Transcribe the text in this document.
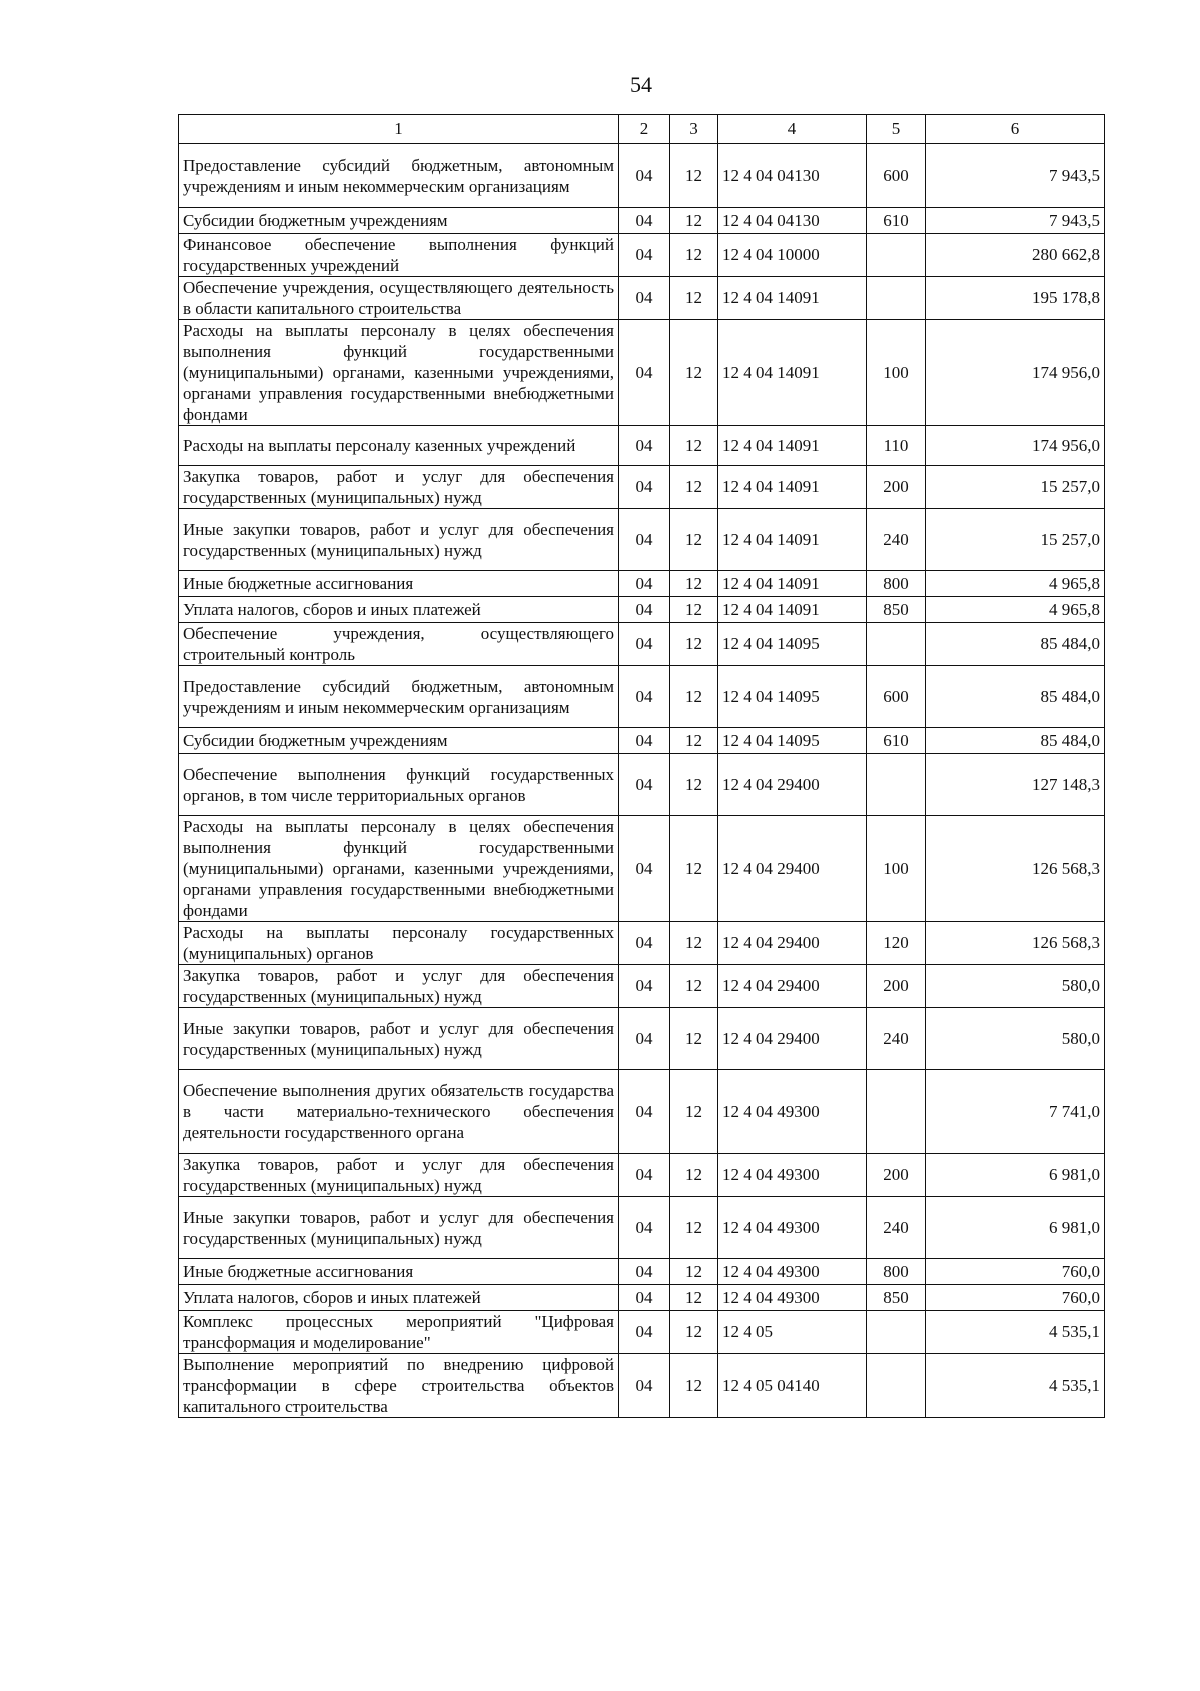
54
1	2	3	4	5	6
Предоставление субсидий бюджетным, автономным учреждениям и иным некоммерческим организациям	04	12	12 4 04 04130	600	7 943,5
Субсидии бюджетным учреждениям	04	12	12 4 04 04130	610	7 943,5
Финансовое обеспечение выполнения функций государственных учреждений	04	12	12 4 04 10000		280 662,8
Обеспечение учреждения, осуществляющего деятельность в области капитального строительства	04	12	12 4 04 14091		195 178,8
Расходы на выплаты персоналу в целях обеспечения выполнения функций государственными (муниципальными) органами, казенными учреждениями, органами управления государственными внебюджетными фондами	04	12	12 4 04 14091	100	174 956,0
Расходы на выплаты персоналу казенных учреждений	04	12	12 4 04 14091	110	174 956,0
Закупка товаров, работ и услуг для обеспечения государственных (муниципальных) нужд	04	12	12 4 04 14091	200	15 257,0
Иные закупки товаров, работ и услуг для обеспечения государственных (муниципальных) нужд	04	12	12 4 04 14091	240	15 257,0
Иные бюджетные ассигнования	04	12	12 4 04 14091	800	4 965,8
Уплата налогов, сборов и иных платежей	04	12	12 4 04 14091	850	4 965,8
Обеспечение учреждения, осуществляющего строительный контроль	04	12	12 4 04 14095		85 484,0
Предоставление субсидий бюджетным, автономным учреждениям и иным некоммерческим организациям	04	12	12 4 04 14095	600	85 484,0
Субсидии бюджетным учреждениям	04	12	12 4 04 14095	610	85 484,0
Обеспечение выполнения функций государственных органов, в том числе территориальных органов	04	12	12 4 04 29400		127 148,3
Расходы на выплаты персоналу в целях обеспечения выполнения функций государственными (муниципальными) органами, казенными учреждениями, органами управления государственными внебюджетными фондами	04	12	12 4 04 29400	100	126 568,3
Расходы на выплаты персоналу государственных (муниципальных) органов	04	12	12 4 04 29400	120	126 568,3
Закупка товаров, работ и услуг для обеспечения государственных (муниципальных) нужд	04	12	12 4 04 29400	200	580,0
Иные закупки товаров, работ и услуг для обеспечения государственных (муниципальных) нужд	04	12	12 4 04 29400	240	580,0
Обеспечение выполнения других обязательств государства в части материально-технического обеспечения деятельности государственного органа	04	12	12 4 04 49300		7 741,0
Закупка товаров, работ и услуг для обеспечения государственных (муниципальных) нужд	04	12	12 4 04 49300	200	6 981,0
Иные закупки товаров, работ и услуг для обеспечения государственных (муниципальных) нужд	04	12	12 4 04 49300	240	6 981,0
Иные бюджетные ассигнования	04	12	12 4 04 49300	800	760,0
Уплата налогов, сборов и иных платежей	04	12	12 4 04 49300	850	760,0
Комплекс процессных мероприятий "Цифровая трансформация и моделирование"	04	12	12 4 05		4 535,1
Выполнение мероприятий по внедрению цифровой трансформации в сфере строительства объектов капитального строительства	04	12	12 4 05 04140		4 535,1
